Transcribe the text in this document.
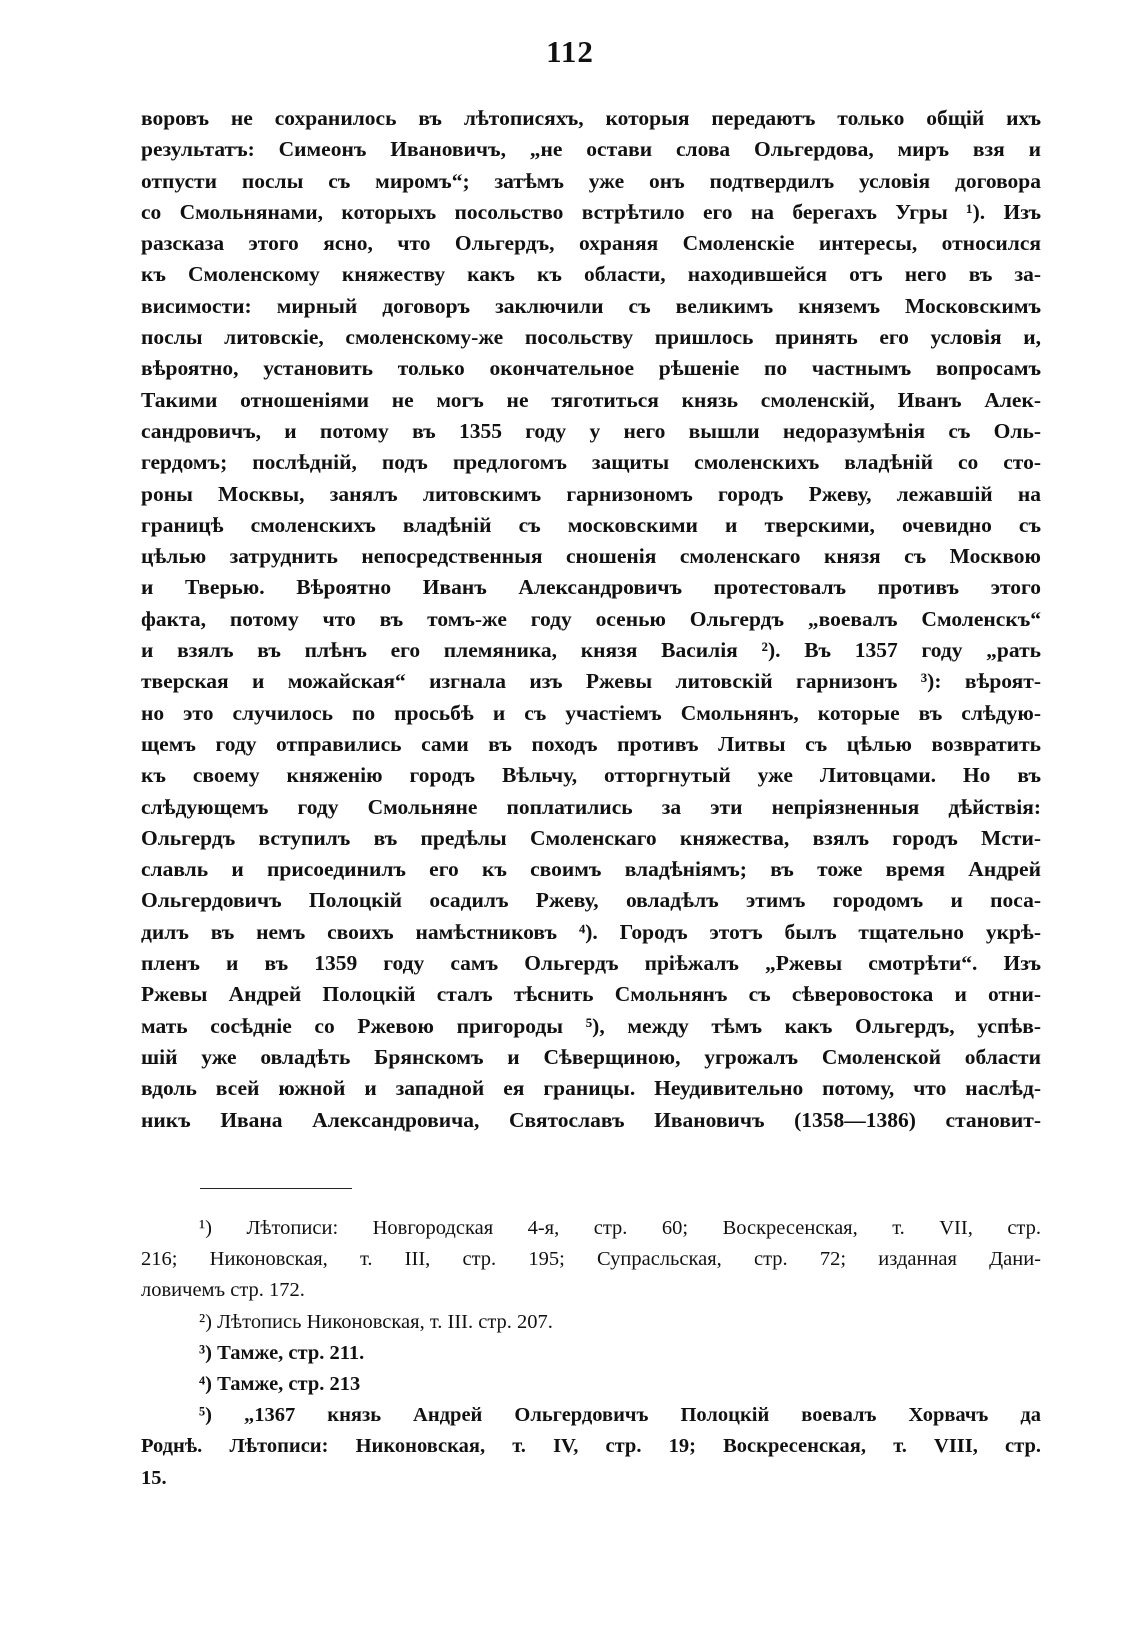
112
воровъ не сохранилось въ лѣтописяхъ, которыя передаютъ только общій ихъ
результатъ: Симеонъ Ивановичъ, „не остави слова Ольгердова, миръ взя и
отпусти послы съ миромъ“; затѣмъ уже онъ подтвердилъ условія договора
со Смольнянами, которыхъ посольство встрѣтило его на берегахъ Угры ¹). Изъ
разсказа этого ясно, что Ольгердъ, охраняя Смоленскіе интересы, относился
къ Смоленскому княжеству какъ къ области, находившейся отъ него въ за-
висимости: мирный договоръ заключили съ великимъ княземъ Московскимъ
послы литовскіе, смоленскому-же посольству пришлось принять его условія и,
вѣроятно, установить только окончательное рѣшеніе по частнымъ вопросамъ
Такими отношеніями не могъ не тяготиться князь смоленскій, Иванъ Алек-
сандровичъ, и потому въ 1355 году у него вышли недоразумѣнія съ Оль-
гердомъ; послѣдній, подъ предлогомъ защиты смоленскихъ владѣній со сто-
роны Москвы, занялъ литовскимъ гарнизономъ городъ Ржеву, лежавшій на
границѣ смоленскихъ владѣній съ московскими и тверскими, очевидно съ
цѣлью затруднить непосредственныя сношенія смоленскаго князя съ Москвою
и Тверью. Вѣроятно Иванъ Александровичъ протестовалъ противъ этого
факта, потому что въ томъ-же году осенью Ольгердъ „воевалъ Смоленскъ“
и взялъ въ плѣнъ его племяника, князя Василія ²). Въ 1357 году „рать
тверская и можайская“ изгнала изъ Ржевы литовскій гарнизонъ ³): вѣроят-
но это случилось по просьбѣ и съ участіемъ Смольнянъ, которые въ слѣдую-
щемъ году отправились сами въ походъ противъ Литвы съ цѣлью возвратить
къ своему княженію городъ Вѣльчу, отторгнутый уже Литовцами. Но въ
слѣдующемъ году Смольняне поплатились за эти непріязненныя дѣйствія:
Ольгердъ вступилъ въ предѣлы Смоленскаго княжества, взялъ городъ Мсти-
славль и присоединилъ его къ своимъ владѣніямъ; въ тоже время Андрей
Ольгердовичъ Полоцкій осадилъ Ржеву, овладѣлъ этимъ городомъ и поса-
дилъ въ немъ своихъ намѣстниковъ ⁴). Городъ этотъ былъ тщательно укрѣ-
пленъ и въ 1359 году самъ Ольгердъ пріѣжалъ „Ржевы смотрѣти“. Изъ
Ржевы Андрей Полоцкій сталъ тѣснить Смольнянъ съ сѣверовостока и отни-
мать сосѣдніе со Ржевою пригороды ⁵), между тѣмъ какъ Ольгердъ, успѣв-
шій уже овладѣть Брянскомъ и Сѣверщиною, угрожалъ Смоленской области
вдоль всей южной и западной ея границы. Неудивительно потому, что наслѣд-
никъ Ивана Александровича, Святославъ Ивановичъ (1358—1386) становит-
¹) Лѣтописи: Новгородская 4-я, стр. 60; Воскресенская, т. VII, стр.
216; Никоновская, т. III, стр. 195; Супрасльская, стр. 72; изданная Дани-
ловичемъ стр. 172.
²) Лѣтопись Никоновская, т. III. стр. 207.
³) Тамже, стр. 211.
⁴) Тамже, стр. 213
⁵) „1367 князь Андрей Ольгердовичъ Полоцкій воевалъ Хорвачъ да
Роднѣ. Лѣтописи: Никоновская, т. IV, стр. 19; Воскресенская, т. VIII, стр.
15.
